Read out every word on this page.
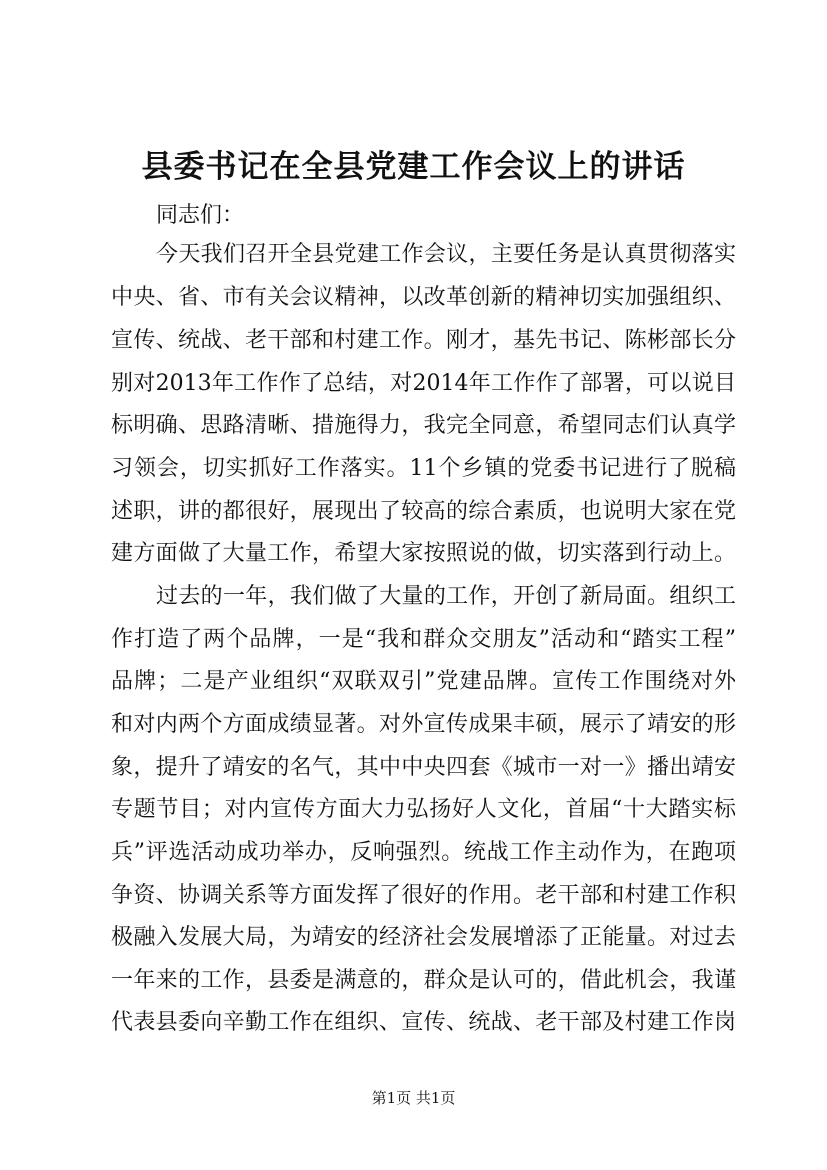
县委书记在全县党建工作会议上的讲话
同志们：
今天我们召开全县党建工作会议，主要任务是认真贯彻落实
中央、省、市有关会议精神，以改革创新的精神切实加强组织、
宣传、统战、老干部和村建工作。刚才，基先书记、陈彬部长分
别对2013年工作作了总结，对2014年工作作了部署，可以说目
标明确、思路清晰、措施得力，我完全同意，希望同志们认真学
习领会，切实抓好工作落实。11个乡镇的党委书记进行了脱稿
述职，讲的都很好，展现出了较高的综合素质，也说明大家在党
建方面做了大量工作，希望大家按照说的做，切实落到行动上。
过去的一年，我们做了大量的工作，开创了新局面。组织工
作打造了两个品牌，一是“我和群众交朋友”活动和“踏实工程”
品牌；二是产业组织“双联双引”党建品牌。宣传工作围绕对外
和对内两个方面成绩显著。对外宣传成果丰硕，展示了靖安的形
象，提升了靖安的名气，其中中央四套《城市一对一》播出靖安
专题节目；对内宣传方面大力弘扬好人文化，首届“十大踏实标
兵”评选活动成功举办，反响强烈。统战工作主动作为，在跑项
争资、协调关系等方面发挥了很好的作用。老干部和村建工作积
极融入发展大局，为靖安的经济社会发展增添了正能量。对过去
一年来的工作，县委是满意的，群众是认可的，借此机会，我谨
代表县委向辛勤工作在组织、宣传、统战、老干部及村建工作岗
第1页 共1页
